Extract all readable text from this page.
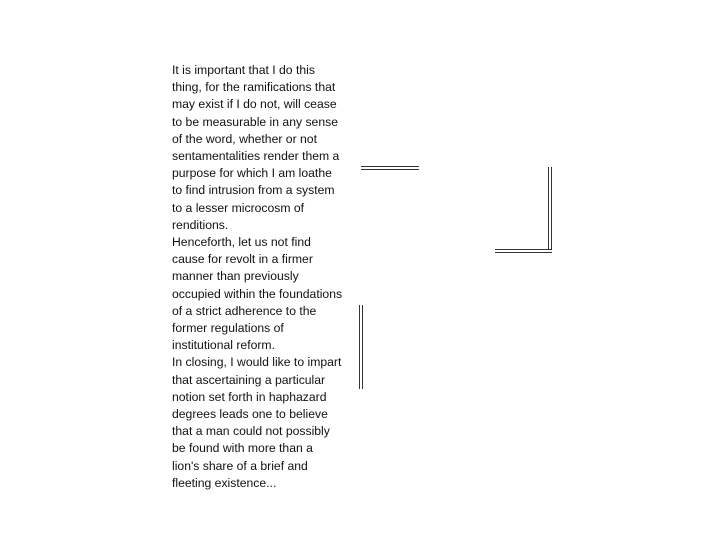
It is important that I do this
thing, for the ramifications that
may exist if I do not, will cease
to be measurable in any sense
of the word, whether or not
sentamentalities render them a
purpose for which I am loathe
to find intrusion from a system
to a lesser microcosm of
renditions.

Henceforth, let us not find
cause for revolt in a firmer
manner than previously
occupied within the foundations
of a strict adherence to the
former regulations of
institutional reform.

In closing, I would like to impart
that ascertaining a particular
notion set forth in haphazard
degrees leads one to believe
that a man could not possibly
be found with more than a
lion's share of a brief and
fleeting existence...
